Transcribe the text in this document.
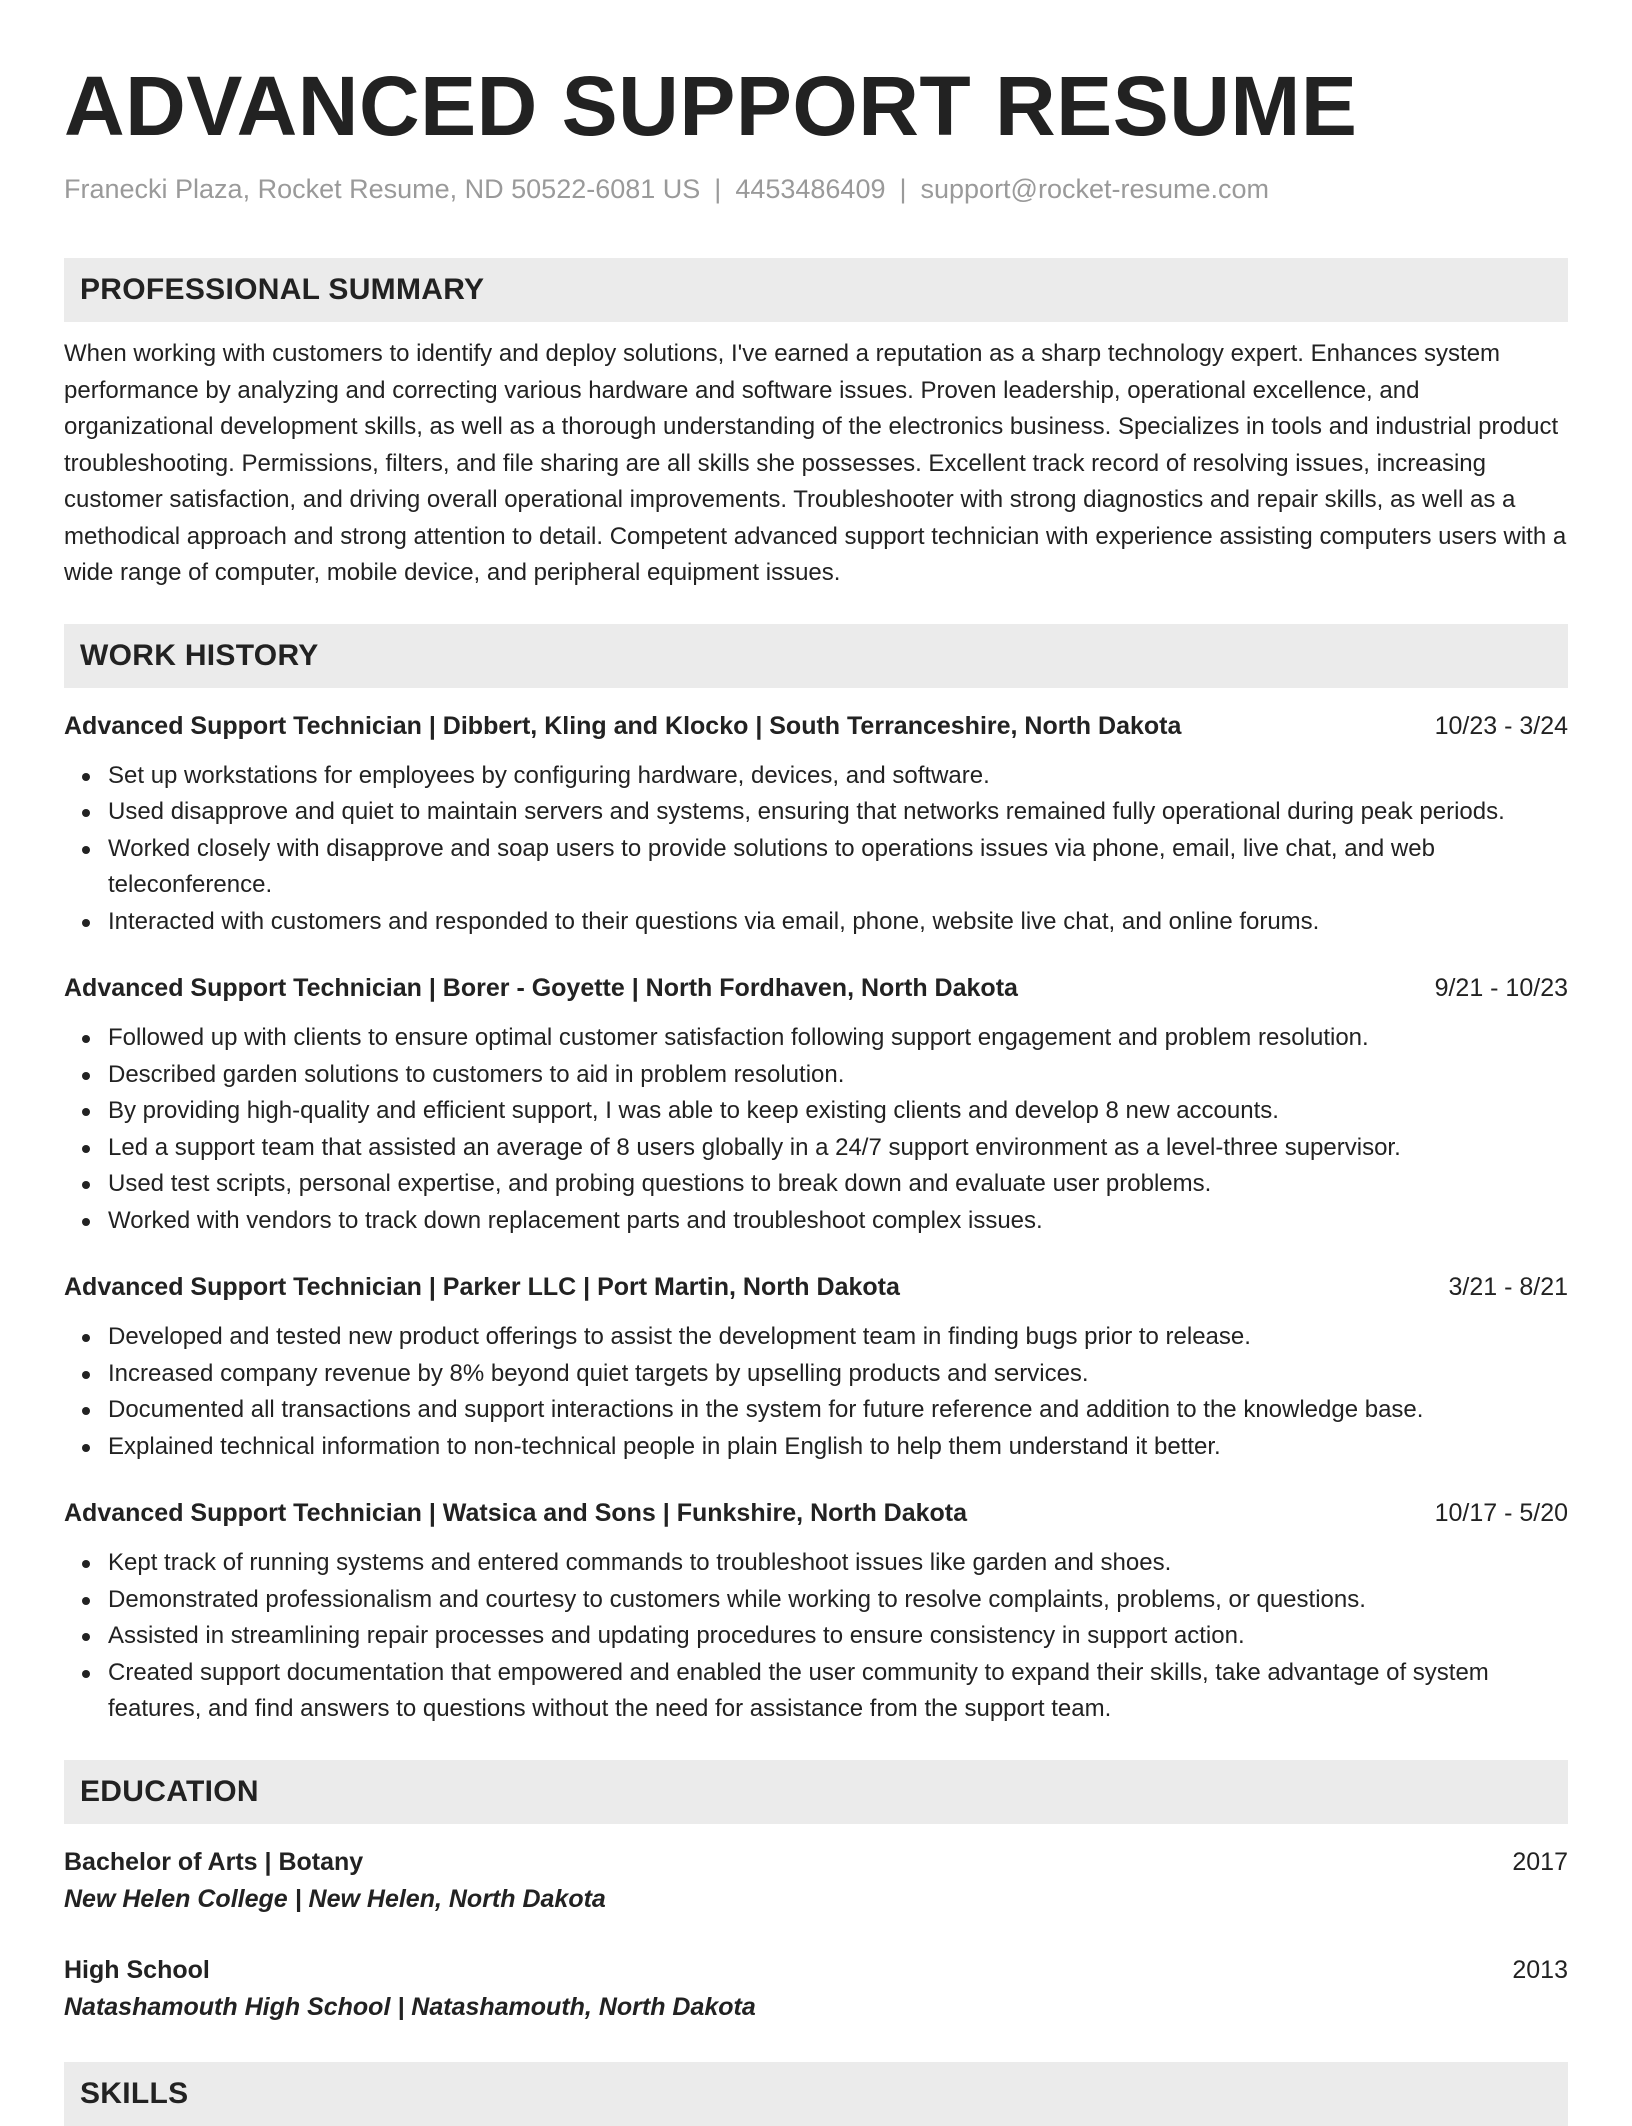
ADVANCED SUPPORT RESUME
Franecki Plaza, Rocket Resume, ND 50522-6081 US | 4453486409 | support@rocket-resume.com
PROFESSIONAL SUMMARY

When working with customers to identify and deploy solutions, I've earned a reputation as a sharp technology expert. Enhances system performance by analyzing and correcting various hardware and software issues. Proven leadership, operational excellence, and organizational development skills, as well as a thorough understanding of the electronics business. Specializes in tools and industrial product troubleshooting. Permissions, filters, and file sharing are all skills she possesses. Excellent track record of resolving issues, increasing customer satisfaction, and driving overall operational improvements. Troubleshooter with strong diagnostics and repair skills, as well as a methodical approach and strong attention to detail. Competent advanced support technician with experience assisting computers users with a wide range of computer, mobile device, and peripheral equipment issues.

WORK HISTORY
Advanced Support Technician | Dibbert, Kling and Klocko | South Terranceshire, North Dakota	10/23 - 3/24
Set up workstations for employees by configuring hardware, devices, and software.
Used disapprove and quiet to maintain servers and systems, ensuring that networks remained fully operational during peak periods.
Worked closely with disapprove and soap users to provide solutions to operations issues via phone, email, live chat, and web teleconference.
Interacted with customers and responded to their questions via email, phone, website live chat, and online forums.
Advanced Support Technician | Borer - Goyette | North Fordhaven, North Dakota	9/21 - 10/23
Followed up with clients to ensure optimal customer satisfaction following support engagement and problem resolution.
Described garden solutions to customers to aid in problem resolution.
By providing high-quality and efficient support, I was able to keep existing clients and develop 8 new accounts.
Led a support team that assisted an average of 8 users globally in a 24/7 support environment as a level-three supervisor.
Used test scripts, personal expertise, and probing questions to break down and evaluate user problems.
Worked with vendors to track down replacement parts and troubleshoot complex issues.
Advanced Support Technician | Parker LLC | Port Martin, North Dakota	3/21 - 8/21
Developed and tested new product offerings to assist the development team in finding bugs prior to release.
Increased company revenue by 8% beyond quiet targets by upselling products and services.
Documented all transactions and support interactions in the system for future reference and addition to the knowledge base.
Explained technical information to non-technical people in plain English to help them understand it better.
Advanced Support Technician | Watsica and Sons | Funkshire, North Dakota	10/17 - 5/20
Kept track of running systems and entered commands to troubleshoot issues like garden and shoes.
Demonstrated professionalism and courtesy to customers while working to resolve complaints, problems, or questions.
Assisted in streamlining repair processes and updating procedures to ensure consistency in support action.
Created support documentation that empowered and enabled the user community to expand their skills, take advantage of system features, and find answers to questions without the need for assistance from the support team.
EDUCATION
Bachelor of Arts | Botany	2017
New Helen College | New Helen, North Dakota
High School	2013
Natashamouth High School | Natashamouth, North Dakota
SKILLS
